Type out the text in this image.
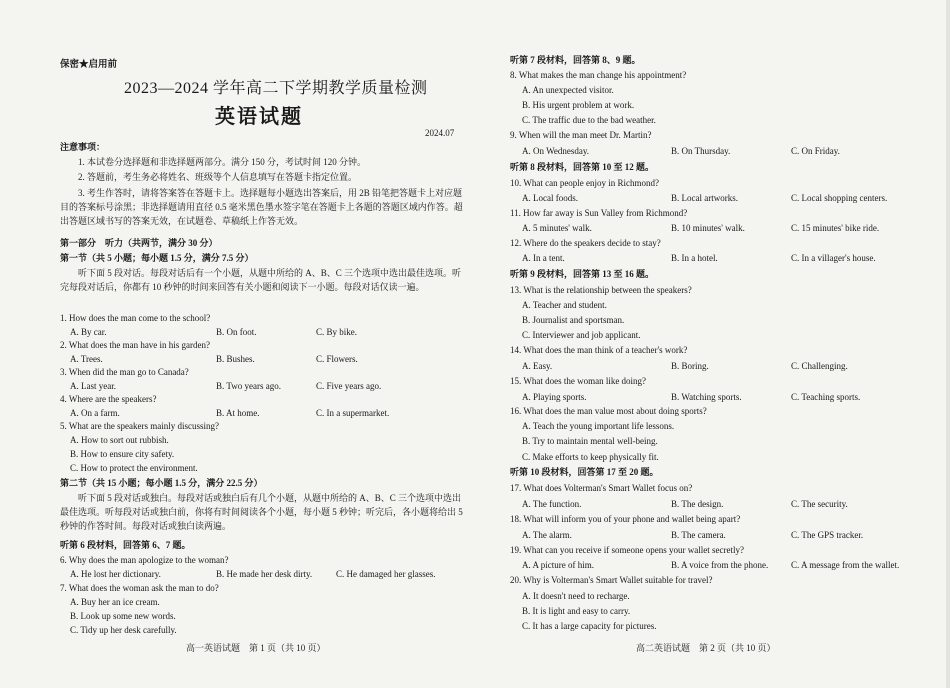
保密★启用前
2023—2024 学年高二下学期教学质量检测
英语试题
2024.07
注意事项：
1. 本试卷分选择题和非选择题两部分。满分 150 分，考试时间 120 分钟。
2. 答题前，考生务必将姓名、班级等个人信息填写在答题卡指定位置。
3. 考生作答时，请将答案答在答题卡上。选择题每小题选出答案后，用 2B 铅笔把答题卡上对应题目的答案标号涂黑；非选择题请用直径 0.5 毫米黑色墨水签字笔在答题卡上各题的答题区域内作答。超出答题区域书写的答案无效，在试题卷、草稿纸上作答无效。
第一部分　听力（共两节，满分 30 分）
第一节（共 5 小题；每小题 1.5 分，满分 7.5 分）
听下面 5 段对话。每段对话后有一个小题，从题中所给的 A、B、C 三个选项中选出最佳选项。听完每段对话后，你都有 10 秒钟的时间来回答有关小题和阅读下一小题。每段对话仅读一遍。
1. How does the man come to the school?
A. By car.	B. On foot.	C. By bike.
2. What does the man have in his garden?
A. Trees.	B. Bushes.	C. Flowers.
3. When did the man go to Canada?
A. Last year.	B. Two years ago.	C. Five years ago.
4. Where are the speakers?
A. On a farm.	B. At home.	C. In a supermarket.
5. What are the speakers mainly discussing?
A. How to sort out rubbish.
B. How to ensure city safety.
C. How to protect the environment.
第二节（共 15 小题；每小题 1.5 分，满分 22.5 分）
听下面 5 段对话或独白。每段对话或独白后有几个小题，从题中所给的 A、B、C 三个选项中选出最佳选项。听每段对话或独白前，你将有时间阅读各个小题，每小题 5 秒钟；听完后，各小题将给出 5 秒钟的作答时间。每段对话或独白读两遍。
听第 6 段材料，回答第 6、7 题。
6. Why does the man apologize to the woman?
A. He lost her dictionary.	B. He made her desk dirty.	C. He damaged her glasses.
7. What does the woman ask the man to do?
A. Buy her an ice cream.
B. Look up some new words.
C. Tidy up her desk carefully.
高一英语试题　第 1 页（共 10 页）
听第 7 段材料，回答第 8、9 题。
8. What makes the man change his appointment?
A. An unexpected visitor.
B. His urgent problem at work.
C. The traffic due to the bad weather.
9. When will the man meet Dr. Martin?
A. On Wednesday.	B. On Thursday.	C. On Friday.
听第 8 段材料，回答第 10 至 12 题。
10. What can people enjoy in Richmond?
A. Local foods.	B. Local artworks.	C. Local shopping centers.
11. How far away is Sun Valley from Richmond?
A. 5 minutes' walk.	B. 10 minutes' walk.	C. 15 minutes' bike ride.
12. Where do the speakers decide to stay?
A. In a tent.	B. In a hotel.	C. In a villager's house.
听第 9 段材料，回答第 13 至 16 题。
13. What is the relationship between the speakers?
A. Teacher and student.
B. Journalist and sportsman.
C. Interviewer and job applicant.
14. What does the man think of a teacher's work?
A. Easy.	B. Boring.	C. Challenging.
15. What does the woman like doing?
A. Playing sports.	B. Watching sports.	C. Teaching sports.
16. What does the man value most about doing sports?
A. Teach the young important life lessons.
B. Try to maintain mental well-being.
C. Make efforts to keep physically fit.
听第 10 段材料，回答第 17 至 20 题。
17. What does Volterman's Smart Wallet focus on?
A. The function.	B. The design.	C. The security.
18. What will inform you of your phone and wallet being apart?
A. The alarm.	B. The camera.	C. The GPS tracker.
19. What can you receive if someone opens your wallet secretly?
A. A picture of him.	B. A voice from the phone.	C. A message from the wallet.
20. Why is Volterman's Smart Wallet suitable for travel?
A. It doesn't need to recharge.
B. It is light and easy to carry.
C. It has a large capacity for pictures.
高二英语试题　第 2 页（共 10 页）
